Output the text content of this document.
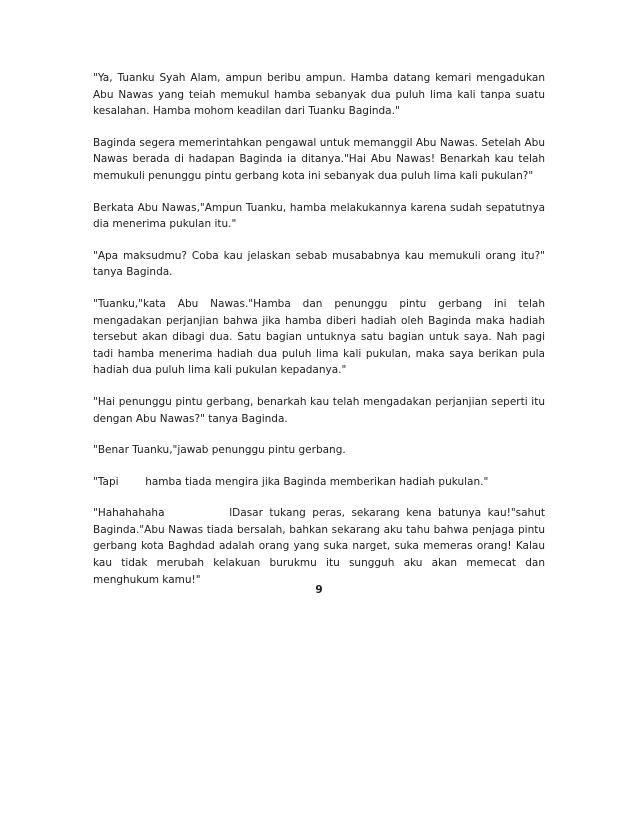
"Ya, Tuanku Syah Alam, ampun beribu ampun. Hamba datang kemari mengadukan Abu Nawas yang teiah memukul hamba sebanyak dua puluh lima kali tanpa suatu kesalahan. Hamba mohom keadilan dari Tuanku Baginda."

Baginda segera memerintahkan pengawal untuk memanggil Abu Nawas. Setelah Abu Nawas berada di hadapan Baginda ia ditanya."Hai Abu Nawas! Benarkah kau telah memukuli penunggu pintu gerbang kota ini sebanyak dua puluh lima kali pukulan?"

Berkata Abu Nawas,"Ampun Tuanku, hamba melakukannya karena sudah sepatutnya dia menerima pukulan itu."

"Apa maksudmu? Coba kau jelaskan sebab musababnya kau memukuli orang itu?" tanya Baginda.

"Tuanku,"kata Abu Nawas."Hamba dan penunggu pintu gerbang ini telah mengadakan perjanjian bahwa jika hamba diberi hadiah oleh Baginda maka hadiah tersebut akan dibagi dua. Satu bagian untuknya satu bagian untuk saya. Nah pagi tadi hamba menerima hadiah dua puluh lima kali pukulan, maka saya berikan pula hadiah dua puluh lima kali pukulan kepadanya."

"Hai penunggu pintu gerbang, benarkah kau telah mengadakan perjanjian seperti itu dengan Abu Nawas?" tanya Baginda.

"Benar Tuanku,"jawab penunggu pintu gerbang.

"Tapi        hamba tiada mengira jika Baginda memberikan hadiah pukulan."

"Hahahahaha          lDasar tukang peras, sekarang kena batunya kau!"sahut Baginda."Abu Nawas tiada bersalah, bahkan sekarang aku tahu bahwa penjaga pintu gerbang kota Baghdad adalah orang yang suka narget, suka memeras orang! Kalau kau tidak merubah kelakuan burukmu itu sungguh aku akan memecat dan menghukum kamu!"

9
